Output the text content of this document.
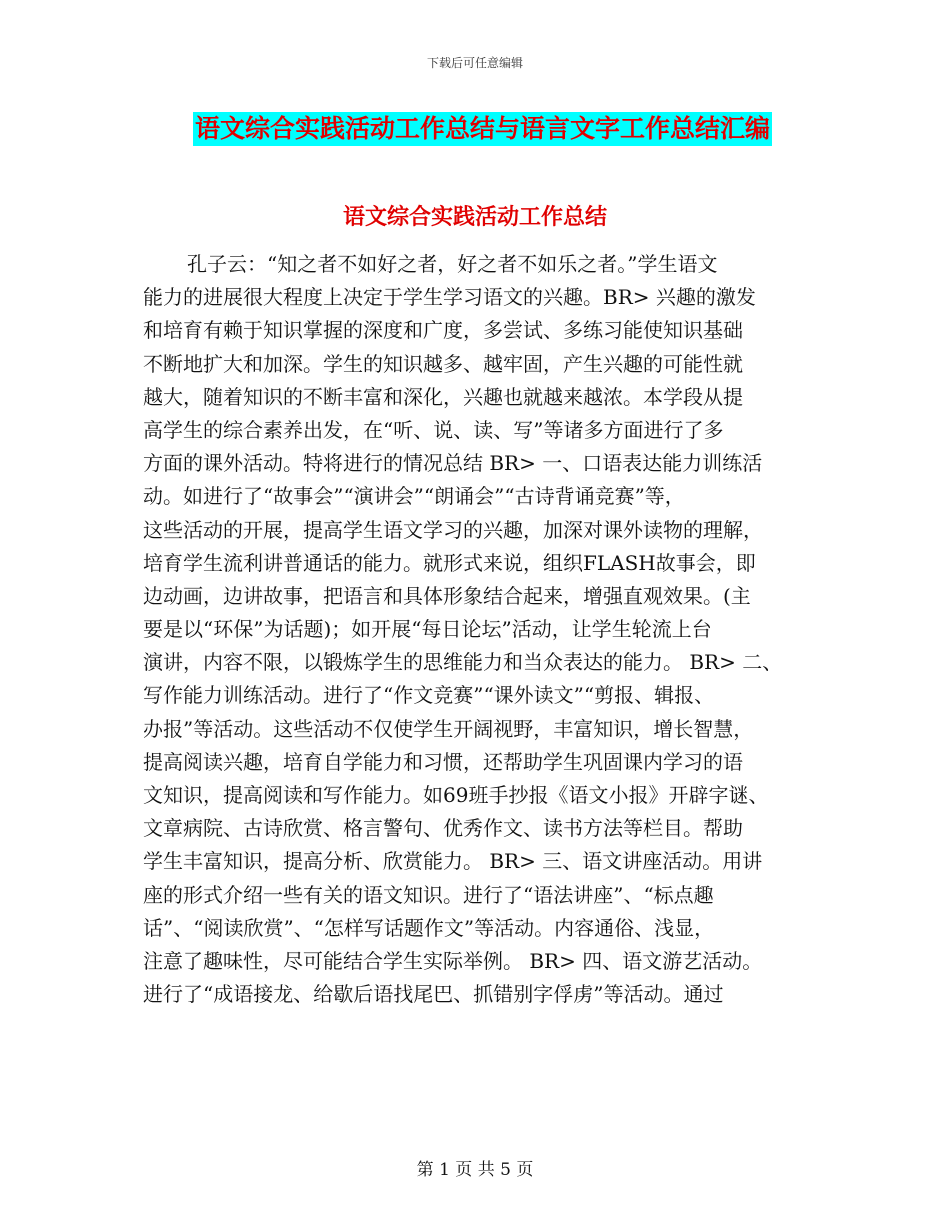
下载后可任意编辑
语文综合实践活动工作总结与语言文字工作总结汇编
语文综合实践活动工作总结
孔子云：“知之者不如好之者，好之者不如乐之者。”学生语文
能力的进展很大程度上决定于学生学习语文的兴趣。BR> 兴趣的激发
和培育有赖于知识掌握的深度和广度，多尝试、多练习能使知识基础
不断地扩大和加深。学生的知识越多、越牢固，产生兴趣的可能性就
越大，随着知识的不断丰富和深化，兴趣也就越来越浓。本学段从提
高学生的综合素养出发，在“听、说、读、写”等诸多方面进行了多
方面的课外活动。特将进行的情况总结 BR> 一、口语表达能力训练活
动。如进行了“故事会”“演讲会”“朗诵会”“古诗背诵竞赛”等，
这些活动的开展，提高学生语文学习的兴趣，加深对课外读物的理解，
培育学生流利讲普通话的能力。就形式来说，组织FLASH故事会，即
边动画，边讲故事，把语言和具体形象结合起来，增强直观效果。(主
要是以“环保”为话题)；如开展“每日论坛”活动，让学生轮流上台
演讲，内容不限，以锻炼学生的思维能力和当众表达的能力。 BR> 二、
写作能力训练活动。进行了“作文竞赛”“课外读文”“剪报、辑报、
办报”等活动。这些活动不仅使学生开阔视野，丰富知识，增长智慧，
提高阅读兴趣，培育自学能力和习惯，还帮助学生巩固课内学习的语
文知识，提高阅读和写作能力。如69班手抄报《语文小报》开辟字谜、
文章病院、古诗欣赏、格言警句、优秀作文、读书方法等栏目。帮助
学生丰富知识，提高分析、欣赏能力。 BR> 三、语文讲座活动。用讲
座的形式介绍一些有关的语文知识。进行了“语法讲座”、“标点趣
话”、“阅读欣赏”、“怎样写话题作文”等活动。内容通俗、浅显，
注意了趣味性，尽可能结合学生实际举例。 BR> 四、语文游艺活动。
进行了“成语接龙、给歇后语找尾巴、抓错别字俘虏”等活动。通过
第 1 页 共 5 页
